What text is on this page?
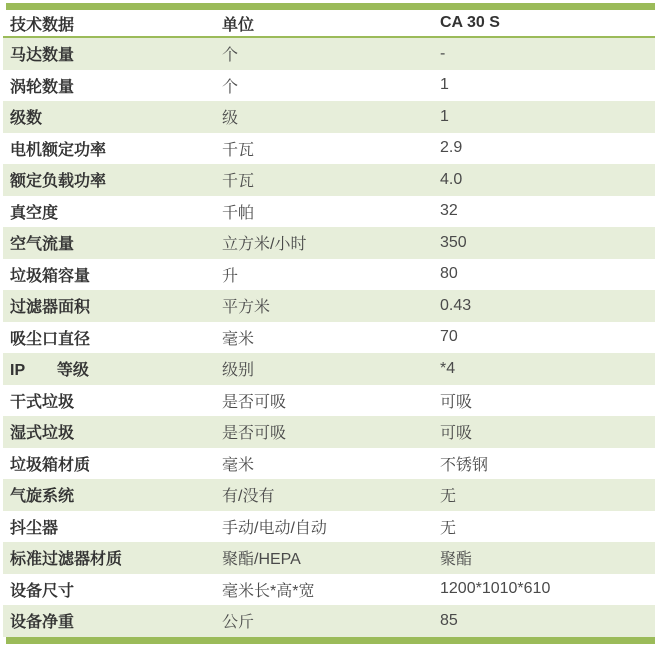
技术数据	单位	CA 30 S
马达数量	个	-
涡轮数量	个	1
级数	级	1
电机额定功率	千瓦	2.9
额定负载功率	千瓦	4.0
真空度	千帕	32
空气流量	立方米/小时	350
垃圾箱容量	升	80
过滤器面积	平方米	0.43
吸尘口直径	毫米	70
IP　　等级	级别	*4
干式垃圾	是否可吸	可吸
湿式垃圾	是否可吸	可吸
垃圾箱材质	毫米	不锈钢
气旋系统	有/没有	无
抖尘器	手动/电动/自动	无
标准过滤器材质	聚酯/HEPA	聚酯
设备尺寸	毫米长*高*宽	1200*1010*610
设备净重	公斤	85
